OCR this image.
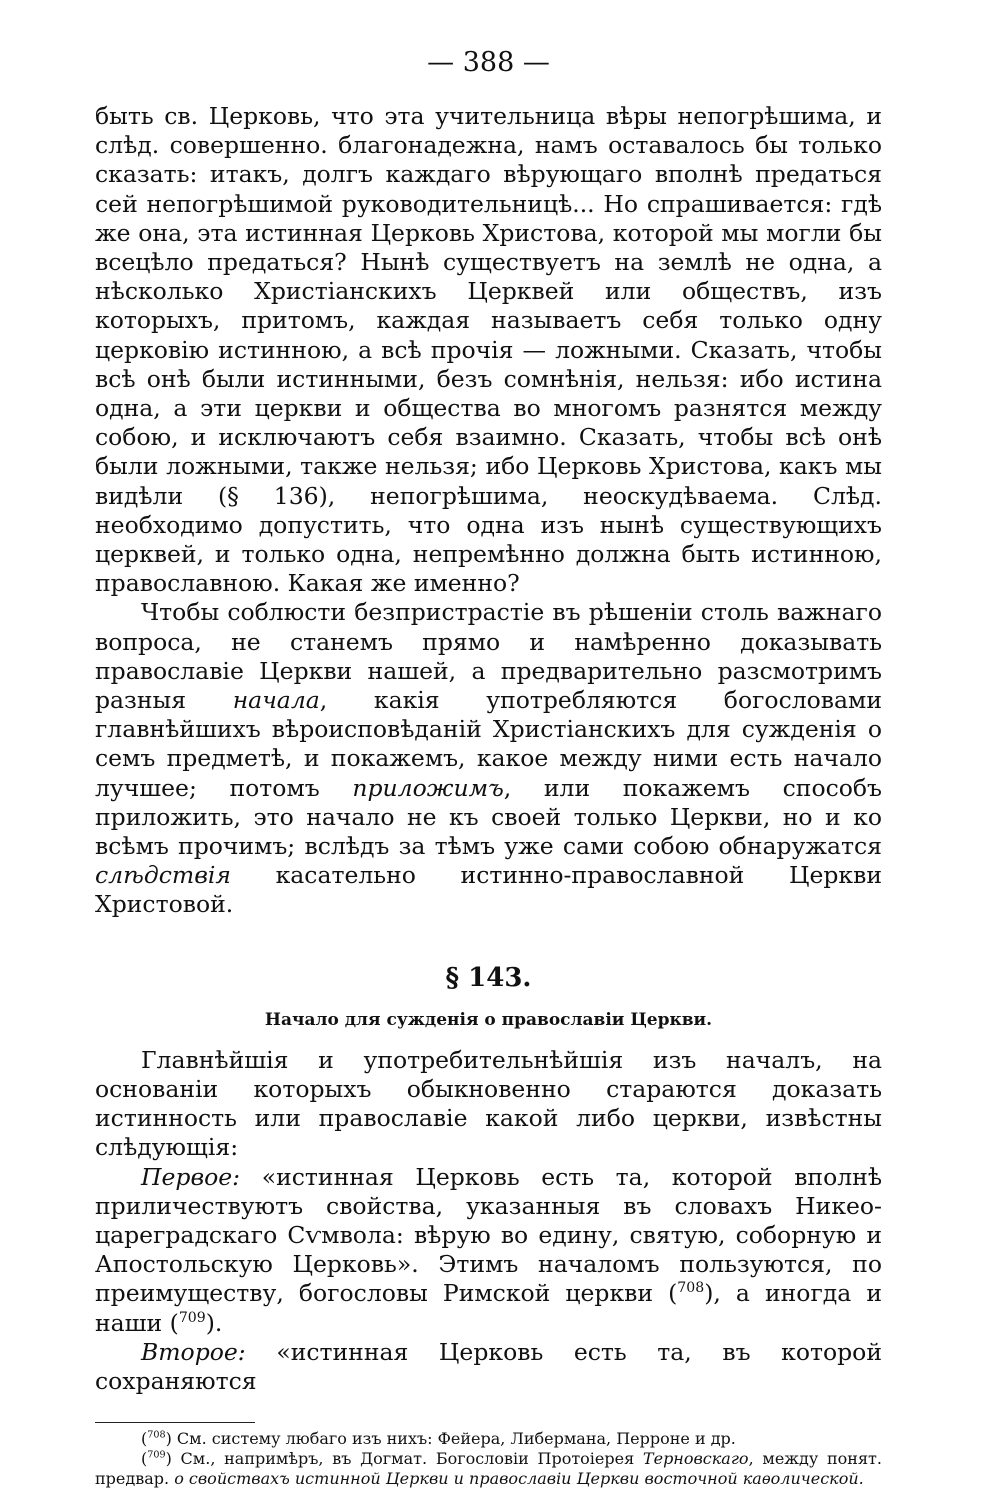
— 388 —

быть св. Церковь, что эта учительница вѣры непогрѣшима, и слѣд. совершенно. благонадежна, намъ оставалось бы только сказать: итакъ, долгъ каждаго вѣрующаго вполнѣ предаться сей непогрѣшимой руководительницѣ... Но спрашивается: гдѣ же она, эта истинная Церковь Христова, которой мы могли бы всецѣло предаться? Нынѣ существуетъ на землѣ не одна, а нѣсколько Христіанскихъ Церквей или обществъ, изъ которыхъ, притомъ, каждая называетъ себя только одну церковію истинною, а всѣ прочія — ложными. Сказать, чтобы всѣ онѣ были истинными, безъ сомнѣнія, нельзя: ибо истина одна, а эти церкви и общества во многомъ разнятся между собою, и исключаютъ себя взаимно. Сказать, чтобы всѣ онѣ были ложными, также нельзя; ибо Церковь Христова, какъ мы видѣли (§ 136), непогрѣшима, неоскудѣваема. Слѣд. необходимо допустить, что одна изъ нынѣ существующихъ церквей, и только одна, непремѣнно должна быть истинною, православною. Какая же именно?

Чтобы соблюсти безпристрастіе въ рѣшеніи столь важнаго вопроса, не станемъ прямо и намѣренно доказывать православіе Церкви нашей, а предварительно разсмотримъ разныя начала, какія употребляются богословами главнѣйшихъ вѣроисповѣданій Христіанскихъ для сужденія о семъ предметѣ, и покажемъ, какое между ними есть начало лучшее; потомъ приложимъ, или покажемъ способъ приложить, это начало не къ своей только Церкви, но и ко всѣмъ прочимъ; вслѣдъ за тѣмъ уже сами собою обнаружатся слѣдствія касательно истинно-православной Церкви Христовой.

§ 143.
Начало для сужденія о православіи Церкви.

Главнѣйшія и употребительнѣйшія изъ началъ, на основаніи которыхъ обыкновенно стараются доказать истинность или православіе какой либо церкви, извѣстны слѣдующія:

Первое: «истинная Церковь есть та, которой вполнѣ приличествуютъ свойства, указанныя въ словахъ Никео-цареградскаго Сѵмвола: вѣрую во едину, святую, соборную и Апостольскую Церковь». Этимъ началомъ пользуются, по преимуществу, богословы Римской церкви ($^{708}$), а иногда и наши ($^{709}$).

Второе: «истинная Церковь есть та, въ которой сохраняются

($^{708}$) См. систему любаго изъ нихъ: Фейера, Либермана, Перроне и др.

($^{709}$) См., напримѣръ, въ Догмат. Богословіи Протоіерея Терновскаго, между понят. предвар. о свойствахъ истинной Церкви и православіи Церкви восточной каѳолической.
